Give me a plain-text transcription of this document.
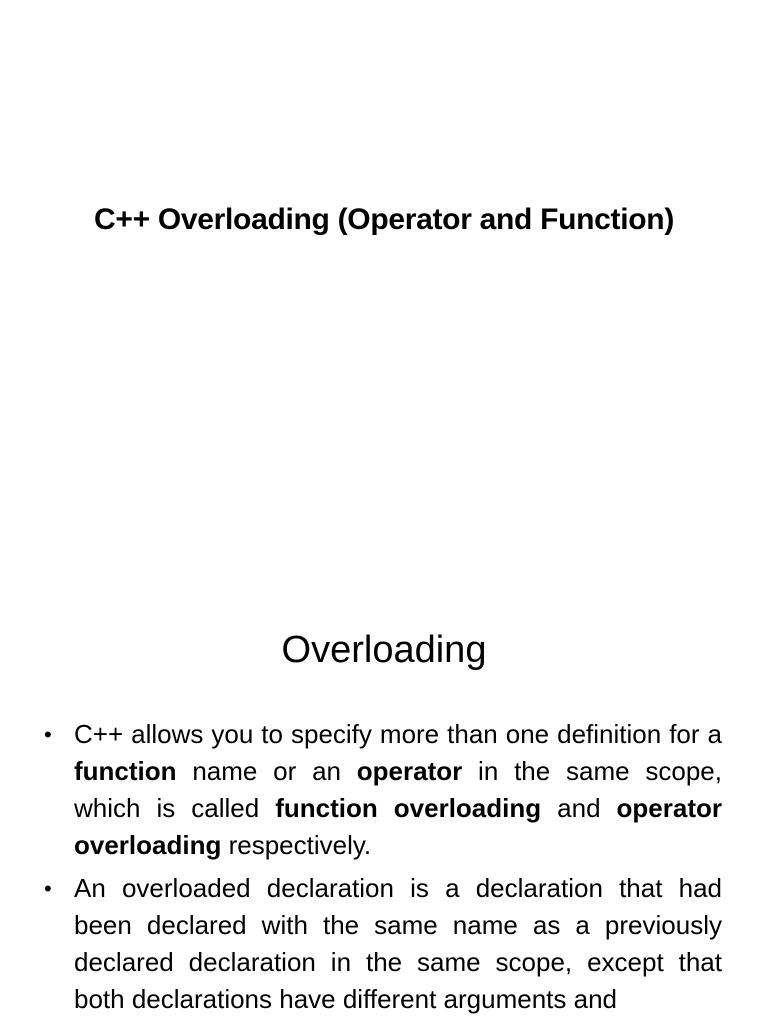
C++ Overloading (Operator and Function)
Overloading
• C++ allows you to specify more than one definition for a function name or an operator in the same scope, which is called function overloading and operator overloading respectively.
• An overloaded declaration is a declaration that had been declared with the same name as a previously declared declaration in the same scope, except that both declarations have different arguments and
